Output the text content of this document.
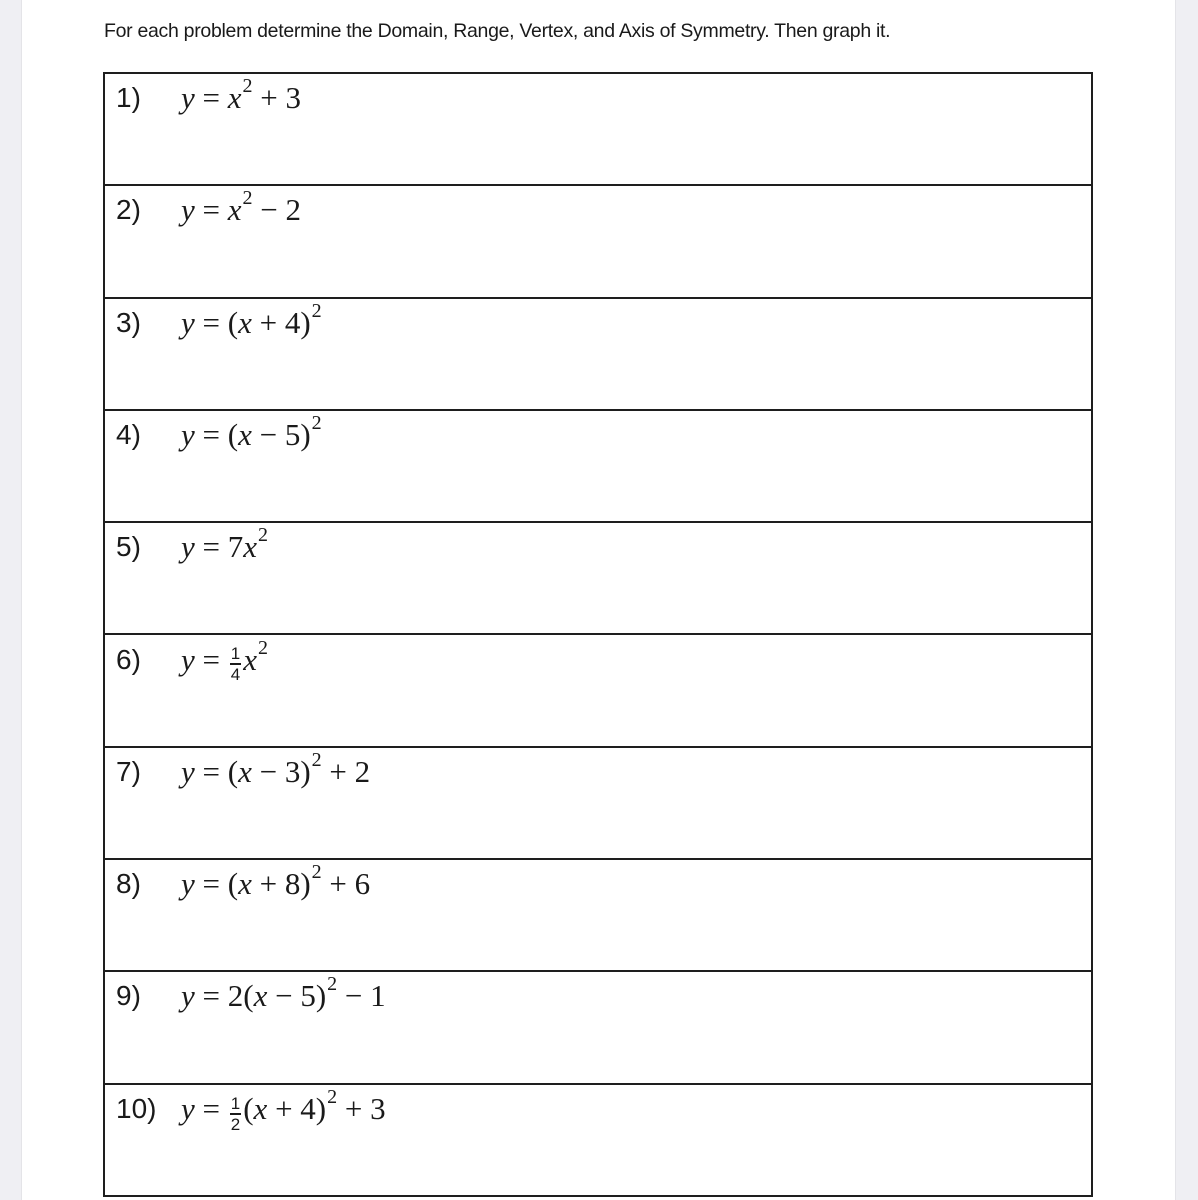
For each problem determine the Domain, Range, Vertex, and Axis of Symmetry. Then graph it.
1) $y = x^2 + 3$
2) $y = x^2 - 2$
3) $y = (x + 4)^2$
4) $y = (x - 5)^2$
5) $y = 7x^2$
6) $y = \frac{1}{4} x^2$
7) $y = (x - 3)^2 + 2$
8) $y = (x + 8)^2 + 6$
9) $y = 2(x - 5)^2 - 1$
10) $y = \frac{1}{2} (x + 4)^2 + 3$
